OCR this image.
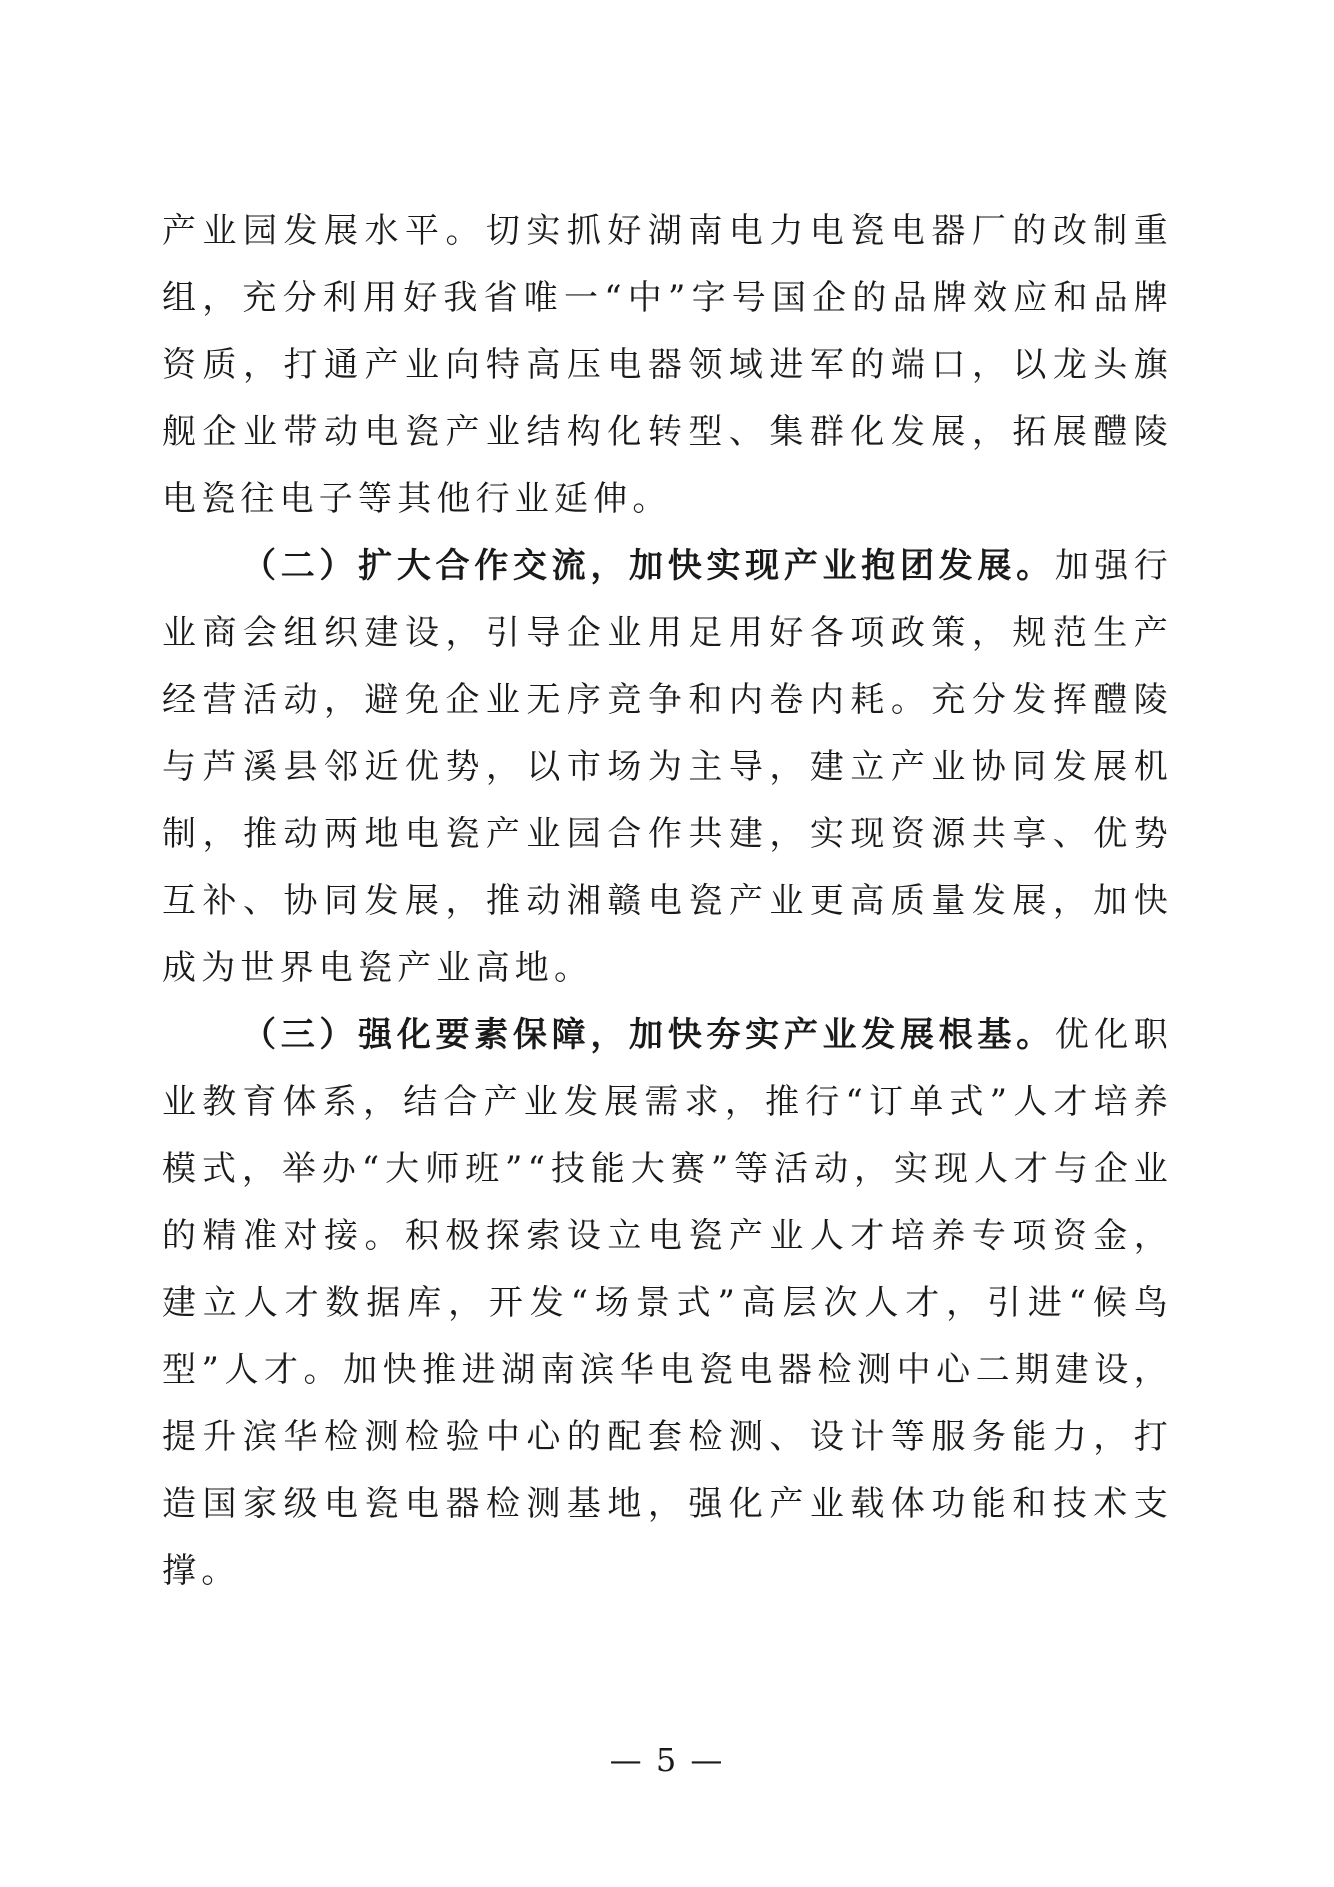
产业园发展水平。切实抓好湖南电力电瓷电器厂的改制重组，充分利用好我省唯一“中”字号国企的品牌效应和品牌资质，打通产业向特高压电器领域进军的端口，以龙头旗舰企业带动电瓷产业结构化转型、集群化发展，拓展醴陵电瓷往电子等其他行业延伸。

（二）扩大合作交流，加快实现产业抱团发展。加强行业商会组织建设，引导企业用足用好各项政策，规范生产经营活动，避免企业无序竞争和内卷内耗。充分发挥醴陵与芦溪县邻近优势，以市场为主导，建立产业协同发展机制，推动两地电瓷产业园合作共建，实现资源共享、优势互补、协同发展，推动湘赣电瓷产业更高质量发展，加快成为世界电瓷产业高地。

（三）强化要素保障，加快夯实产业发展根基。优化职业教育体系，结合产业发展需求，推行“订单式”人才培养模式，举办“大师班”“技能大赛”等活动，实现人才与企业的精准对接。积极探索设立电瓷产业人才培养专项资金，建立人才数据库，开发“场景式”高层次人才，引进“候鸟型”人才。加快推进湖南滨华电瓷电器检测中心二期建设，提升滨华检测检验中心的配套检测、设计等服务能力，打造国家级电瓷电器检测基地，强化产业载体功能和技术支撑。

— 5 —
